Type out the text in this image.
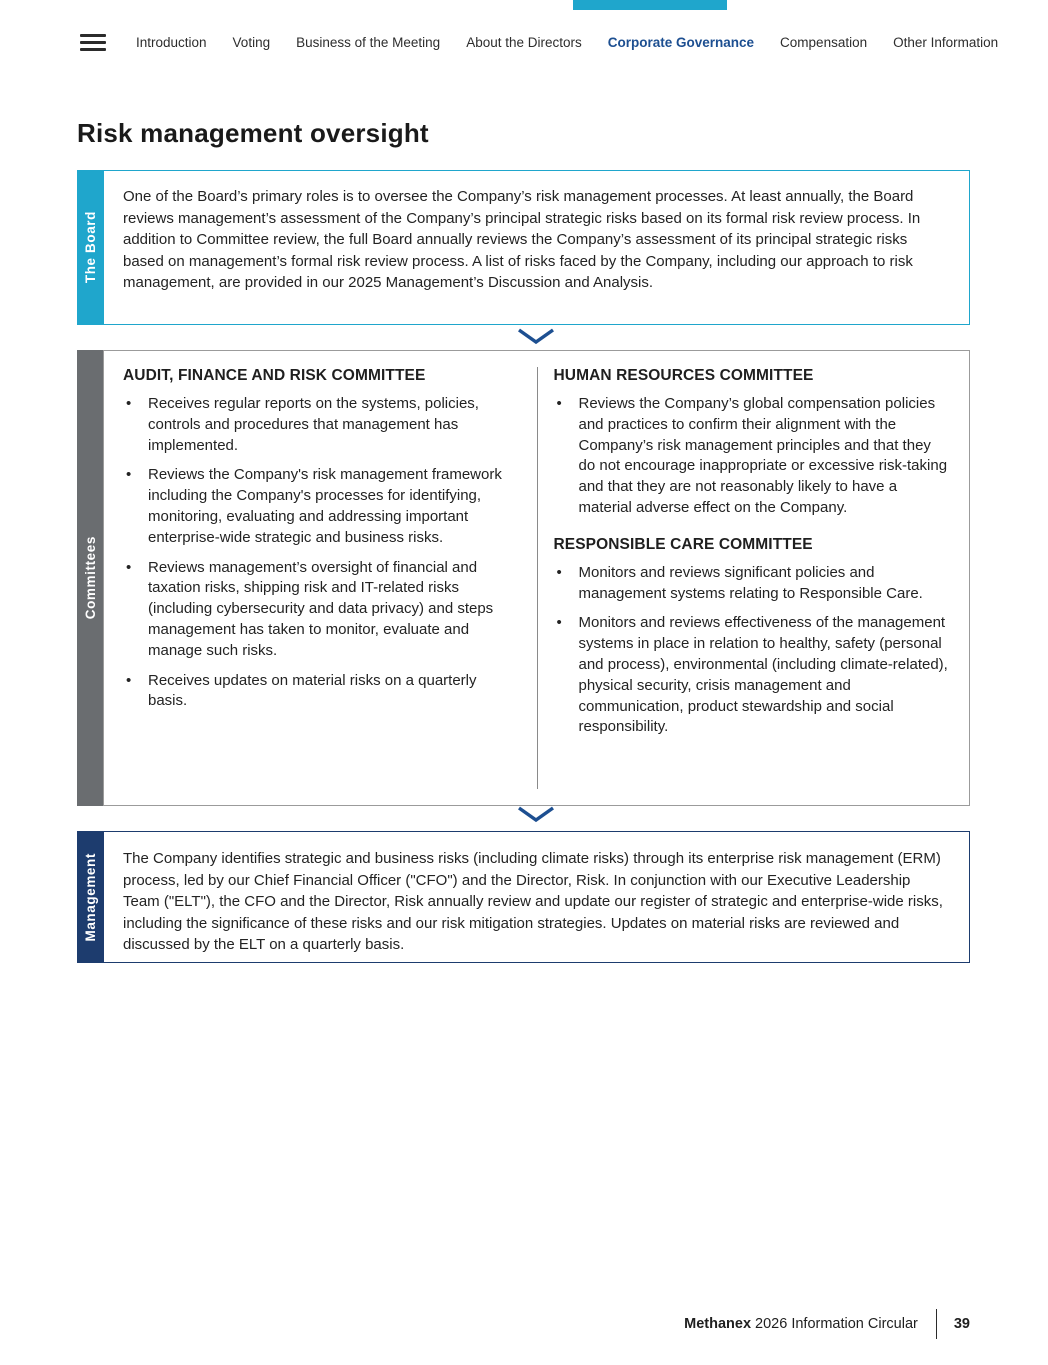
Introduction Voting Business of the Meeting About the Directors Corporate Governance Compensation Other Information
Risk management oversight
The Board

One of the Board’s primary roles is to oversee the Company’s risk management processes. At least annually, the Board reviews management’s assessment of the Company’s principal strategic risks based on its formal risk review process. In addition to Committee review, the full Board annually reviews the Company’s assessment of its principal strategic risks based on management’s formal risk review process. A list of risks faced by the Company, including our approach to risk management, are provided in our 2025 Management’s Discussion and Analysis.

Committees
AUDIT, FINANCE AND RISK COMMITTEE
• Receives regular reports on the systems, policies, controls and procedures that management has implemented.
• Reviews the Company's risk management framework including the Company's processes for identifying, monitoring, evaluating and addressing important enterprise-wide strategic and business risks.
• Reviews management’s oversight of financial and taxation risks, shipping risk and IT-related risks (including cybersecurity and data privacy) and steps management has taken to monitor, evaluate and manage such risks.
• Receives updates on material risks on a quarterly basis.
HUMAN RESOURCES COMMITTEE
• Reviews the Company’s global compensation policies and practices to confirm their alignment with the Company’s risk management principles and that they do not encourage inappropriate or excessive risk-taking and that they are not reasonably likely to have a material adverse effect on the Company.
RESPONSIBLE CARE COMMITTEE
• Monitors and reviews significant policies and management systems relating to Responsible Care.
• Monitors and reviews effectiveness of the management systems in place in relation to healthy, safety (personal and process), environmental (including climate-related), physical security, crisis management and communication, product stewardship and social responsibility.
Management The Company identifies strategic and business risks (including climate risks) through its enterprise risk management (ERM) process, led by our Chief Financial Officer ("CFO") and the Director, Risk. In conjunction with our Executive Leadership Team ("ELT"), the CFO and the Director, Risk annually review and update our register of strategic and enterprise-wide risks, including the significance of these risks and our risk mitigation strategies. Updates on material risks are reviewed and discussed by the ELT on a quarterly basis.

Methanex 2026 Information Circular 39
